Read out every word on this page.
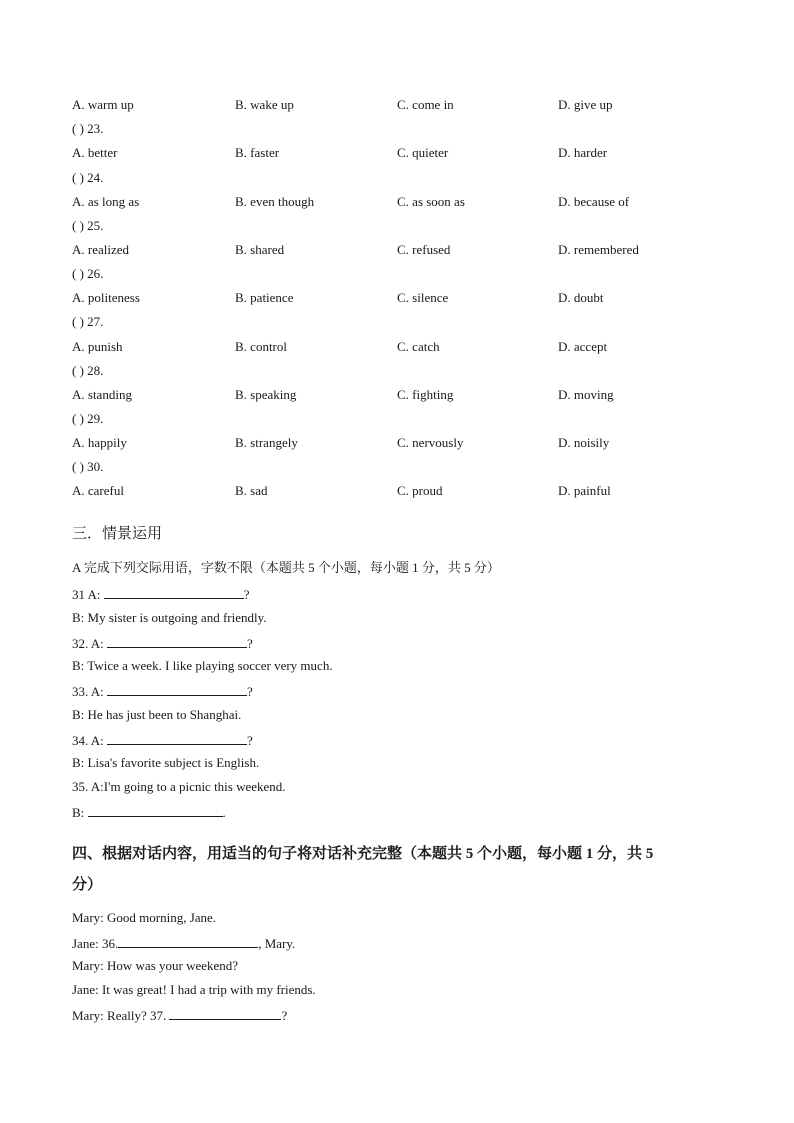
A. warm up	B. wake up	C. come in	D. give up
( ) 23.
A. better	B. faster	C. quieter	D. harder
( ) 24.
A. as long as	B. even though	C. as soon as	D. because of
( ) 25.
A. realized	B. shared	C. refused	D. remembered
( ) 26.
A. politeness	B. patience	C. silence	D. doubt
( ) 27.
A. punish	B. control	C. catch	D. accept
( ) 28.
A. standing	B. speaking	C. fighting	D. moving
( ) 29.
A. happily	B. strangely	C. nervously	D. noisily
( ) 30.
A. careful	B. sad	C. proud	D. painful
三．情景运用
A 完成下列交际用语，字数不限（本题共 5 个小题，每小题 1 分，共 5 分）
31 A:	?
B: My sister is outgoing and friendly.
32. A:	?
B: Twice a week. I like playing soccer very much.
33. A:	?
B: He has just been to Shanghai.
34. A:	?
B: Lisa's favorite subject is English.
35. A:I'm going to a picnic this weekend.
B:	.
四、根据对话内容，用适当的句子将对话补充完整（本题共 5 个小题，每小题 1 分，共 5
分）
Mary: Good morning, Jane.
Jane: 36.	, Mary.
Mary: How was your weekend?
Jane: It was great! I had a trip with my friends.
Mary: Really? 37.	?
